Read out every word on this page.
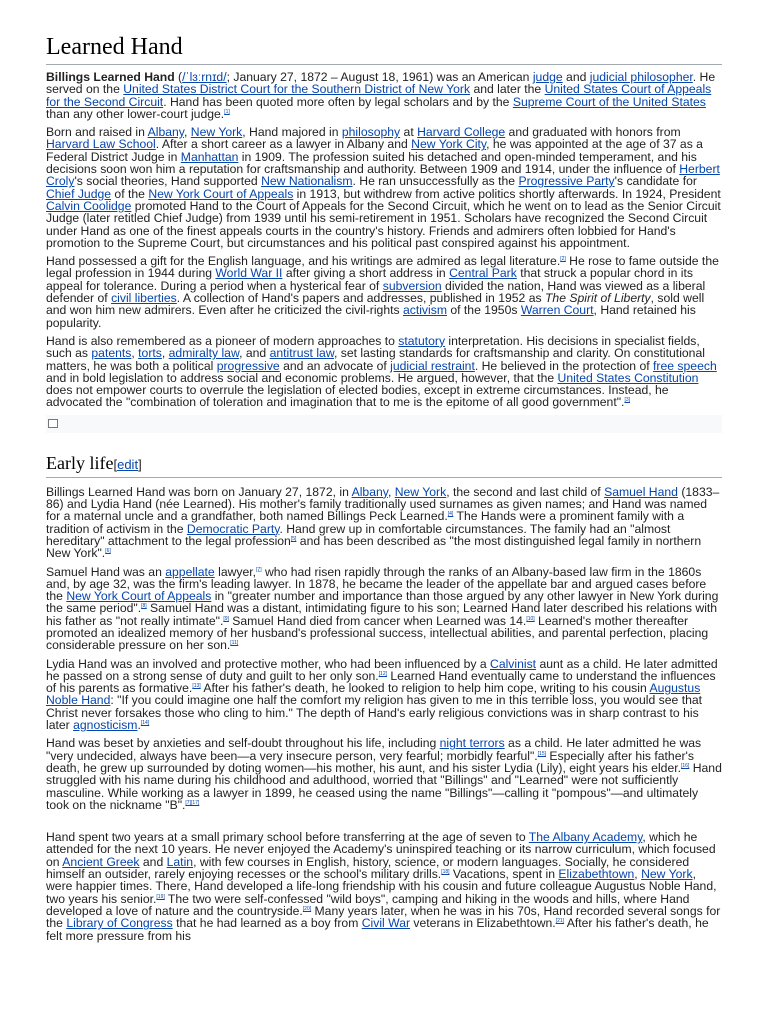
Learned Hand

Billings Learned Hand (/ˈlɜːrnɪd/; January 27, 1872 – August 18, 1961) was an American judge and judicial philosopher. He served on the United States District Court for the Southern District of New York and later the United States Court of Appeals for the Second Circuit. Hand has been quoted more often by legal scholars and by the Supreme Court of the United States than any other lower-court judge.[1]

Born and raised in Albany, New York, Hand majored in philosophy at Harvard College and graduated with honors from Harvard Law School. After a short career as a lawyer in Albany and New York City, he was appointed at the age of 37 as a Federal District Judge in Manhattan in 1909. The profession suited his detached and open-minded temperament, and his decisions soon won him a reputation for craftsmanship and authority. Between 1909 and 1914, under the influence of Herbert Croly's social theories, Hand supported New Nationalism. He ran unsuccessfully as the Progressive Party's candidate for Chief Judge of the New York Court of Appeals in 1913, but withdrew from active politics shortly afterwards. In 1924, President Calvin Coolidge promoted Hand to the Court of Appeals for the Second Circuit, which he went on to lead as the Senior Circuit Judge (later retitled Chief Judge) from 1939 until his semi-retirement in 1951. Scholars have recognized the Second Circuit under Hand as one of the finest appeals courts in the country's history. Friends and admirers often lobbied for Hand's promotion to the Supreme Court, but circumstances and his political past conspired against his appointment.

Hand possessed a gift for the English language, and his writings are admired as legal literature.[2] He rose to fame outside the legal profession in 1944 during World War II after giving a short address in Central Park that struck a popular chord in its appeal for tolerance. During a period when a hysterical fear of subversion divided the nation, Hand was viewed as a liberal defender of civil liberties. A collection of Hand's papers and addresses, published in 1952 as The Spirit of Liberty, sold well and won him new admirers. Even after he criticized the civil-rights activism of the 1950s Warren Court, Hand retained his popularity.

Hand is also remembered as a pioneer of modern approaches to statutory interpretation. His decisions in specialist fields, such as patents, torts, admiralty law, and antitrust law, set lasting standards for craftsmanship and clarity. On constitutional matters, he was both a political progressive and an advocate of judicial restraint. He believed in the protection of free speech and in bold legislation to address social and economic problems. He argued, however, that the United States Constitution does not empower courts to overrule the legislation of elected bodies, except in extreme circumstances. Instead, he advocated the "combination of toleration and imagination that to me is the epitome of all good government".[3]

Early life[edit]

Billings Learned Hand was born on January 27, 1872, in Albany, New York, the second and last child of Samuel Hand (1833–86) and Lydia Hand (née Learned). His mother's family traditionally used surnames as given names; and Hand was named for a maternal uncle and a grandfather, both named Billings Peck Learned.[4] The Hands were a prominent family with a tradition of activism in the Democratic Party. Hand grew up in comfortable circumstances. The family had an "almost hereditary" attachment to the legal profession[5] and has been described as "the most distinguished legal family in northern New York".[6]

Samuel Hand was an appellate lawyer,[7] who had risen rapidly through the ranks of an Albany-based law firm in the 1860s and, by age 32, was the firm's leading lawyer. In 1878, he became the leader of the appellate bar and argued cases before the New York Court of Appeals in "greater number and importance than those argued by any other lawyer in New York during the same period".[8] Samuel Hand was a distant, intimidating figure to his son; Learned Hand later described his relations with his father as "not really intimate".[9] Samuel Hand died from cancer when Learned was 14.[10] Learned's mother thereafter promoted an idealized memory of her husband's professional success, intellectual abilities, and parental perfection, placing considerable pressure on her son.[11]

Lydia Hand was an involved and protective mother, who had been influenced by a Calvinist aunt as a child. He later admitted he passed on a strong sense of duty and guilt to her only son.[12] Learned Hand eventually came to understand the influences of his parents as formative.[13] After his father's death, he looked to religion to help him cope, writing to his cousin Augustus Noble Hand: "If you could imagine one half the comfort my religion has given to me in this terrible loss, you would see that Christ never forsakes those who cling to him." The depth of Hand's early religious convictions was in sharp contrast to his later agnosticism.[14]

Hand was beset by anxieties and self-doubt throughout his life, including night terrors as a child. He later admitted he was "very undecided, always have been—a very insecure person, very fearful; morbidly fearful".[15] Especially after his father's death, he grew up surrounded by doting women—his mother, his aunt, and his sister Lydia (Lily), eight years his elder.[16] Hand struggled with his name during his childhood and adulthood, worried that "Billings" and "Learned" were not sufficiently masculine. While working as a lawyer in 1899, he ceased using the name "Billings"—calling it "pompous"—and ultimately took on the nickname "B".[7][17]

Hand spent two years at a small primary school before transferring at the age of seven to The Albany Academy, which he attended for the next 10 years. He never enjoyed the Academy's uninspired teaching or its narrow curriculum, which focused on Ancient Greek and Latin, with few courses in English, history, science, or modern languages. Socially, he considered himself an outsider, rarely enjoying recesses or the school's military drills.[18] Vacations, spent in Elizabethtown, New York, were happier times. There, Hand developed a life-long friendship with his cousin and future colleague Augustus Noble Hand, two years his senior.[19] The two were self-confessed "wild boys", camping and hiking in the woods and hills, where Hand developed a love of nature and the countryside.[20] Many years later, when he was in his 70s, Hand recorded several songs for the Library of Congress that he had learned as a boy from Civil War veterans in Elizabethtown.[21] After his father's death, he felt more pressure from his
